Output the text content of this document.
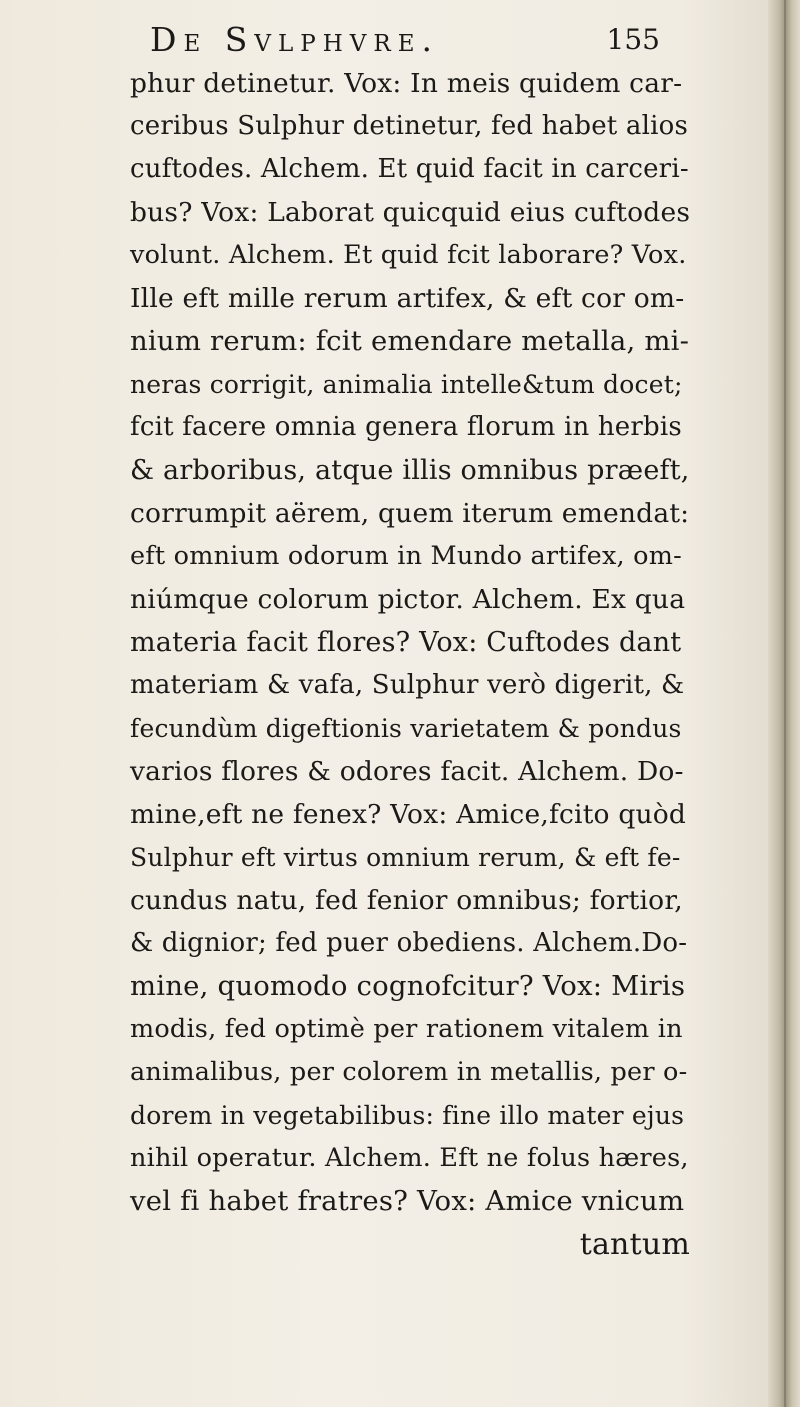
De Svlphvre.	155
phur detinetur. Vox: In meis quidem car-
ceribus Sulphur detinetur, fed habet alios
cuftodes. Alchem. Et quid facit in carceri-
bus? Vox: Laborat quicquid eius cuftodes
volunt. Alchem. Et quid fcit laborare? Vox.
Ille eft mille rerum artifex, & eft cor om-
nium rerum: fcit emendare metalla, mi-
neras corrigit, animalia intelle&tum docet;
fcit facere omnia genera florum in herbis
& arboribus, atque illis omnibus præeft,
corrumpit aërem, quem iterum emendat:
eft omnium odorum in Mundo artifex, om-
niúmque colorum pictor. Alchem. Ex qua
materia facit flores? Vox: Cuftodes dant
materiam & vafa, Sulphur verò digerit, &
fecundùm digeftionis varietatem & pondus
varios flores & odores facit. Alchem. Do-
mine,eft ne fenex? Vox: Amice,fcito quòd
Sulphur eft virtus omnium rerum, & eft fe-
cundus natu, fed fenior omnibus; fortior,
& dignior; fed puer obediens. Alchem.Do-
mine, quomodo cognofcitur? Vox: Miris
modis, fed optimè per rationem vitalem in
animalibus, per colorem in metallis, per o-
dorem in vegetabilibus: fine illo mater ejus
nihil operatur. Alchem. Eft ne folus hæres,
vel fi habet fratres? Vox: Amice vnicum
tantum
